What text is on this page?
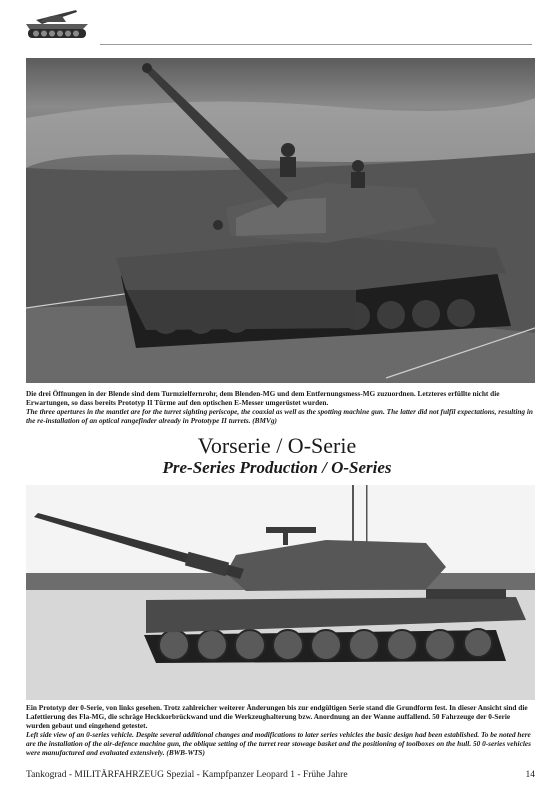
Die drei Öffnungen in der Blende sind dem Turmzielfernrohr, dem Blenden-MG und dem Entfernungsmess-MG zuzuordnen. Letzteres erfüllte nicht die Erwartungen, so dass bereits Prototyp II Türme auf den optischen E-Messer umgerüstet wurden.

The three apertures in the mantlet are for the turret sighting periscope, the coaxial as well as the spotting machine gun. The latter did not fulfil expectations, resulting in the re-installation of an optical rangefinder already in Prototype II turrets. (BMVg)

Vorserie / O-Serie
Pre-Series Production / O-Series

Ein Prototyp der 0-Serie, von links gesehen. Trotz zahlreicher weiterer Änderungen bis zur endgültigen Serie stand die Grundform fest. In dieser Ansicht sind die Lafettierung des Fla-MG, die schräge Heckkorbrückwand und die Werkzeughalterung bzw. Anordnung an der Wanne auffallend. 50 Fahrzeuge der 0-Serie wurden gebaut und eingehend getestet.

Left side view of an 0-series vehicle. Despite several additional changes and modifications to later series vehicles the basic design had been established. To be noted here are the installation of the air-defence machine gun, the oblique setting of the turret rear stowage basket and the positioning of toolboxes on the hull. 50 0-series vehicles were manufactured and evaluated extensively. (BWB-WTS)

Tankograd - MILITÄRFAHRZEUG Spezial - Kampfpanzer Leopard 1 - Frühe Jahre	14
